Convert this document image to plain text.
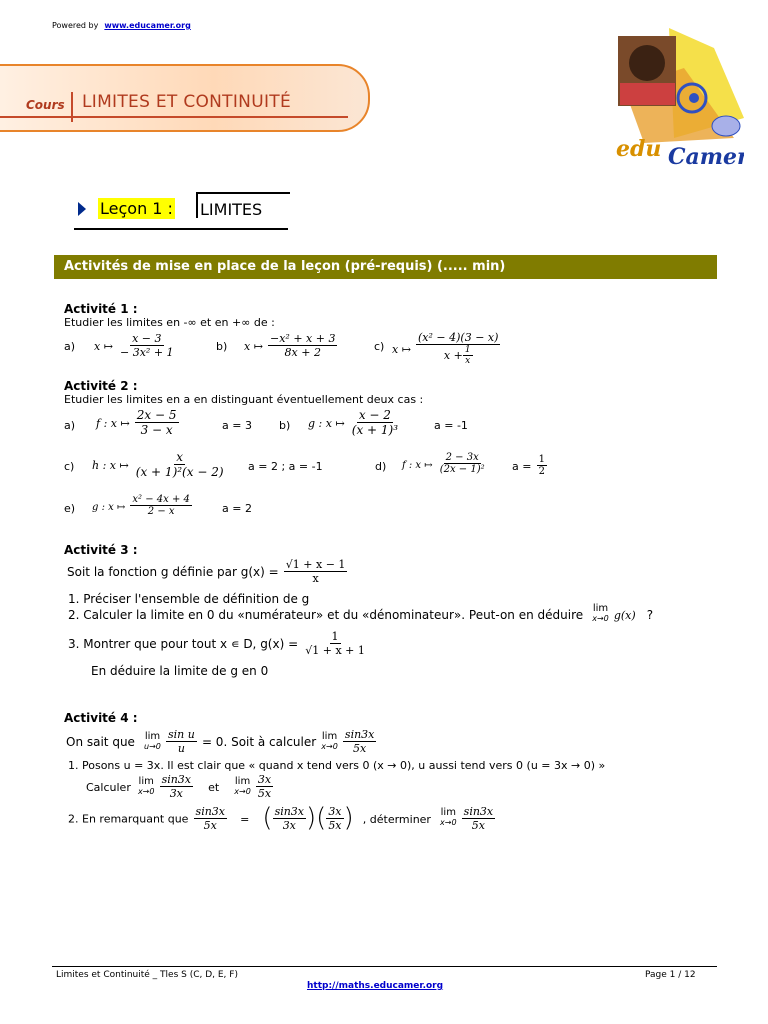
Powered by www.educamer.org
Cours LIMITES ET CONTINUITÉ
edu Camer
Leçon 1 : LIMITES
Activités de mise en place de la leçon (pré-requis) (..... min)
Activité 1 :
Etudier les limites en -∞ et en +∞ de :
a) x ↦ $\frac{x - 3}{\text{− 3x² + 1}}$	b) x ↦ $\frac{\text{−x² + x + 3}}{8x + 2}$	c) x ↦ $\frac{\text{(x² − 4)(3 − x)}}{x + \frac{1}{x}}$
Activité 2 :
Etudier les limites en a en distinguant éventuellement deux cas :
a) f : x ↦ $\frac{2x - 5}{3 - x}$	a = 3 b) g : x ↦ $\frac{x - 2}{\text{(x + 1)³}}$	a = -1
c) h : x ↦ $\frac{x}{\text{(x + 1)²(x − 2)}}$ a = 2 ; a = -1	d) f : x ↦ $\frac{2 - 3x}{\text{(2x − 1)²}}$ $a = \frac{1}{2}$
e) g : x ↦ $\frac{\text{x² − 4x + 4}}{2 - x}$	a = 2
Activité 3 :
Soit la fonction g définie par $g(x) = \frac{√1 + x - 1}{x}$
1. Préciser l'ensemble de définition de g
2. Calculer la limite en 0 du «numérateur» et du «dénominateur». Peut-on en déduire lim
x→0 g(x) ?
3. Montrer que pour tout x ∊ D, $g(x) = \frac{1}{√1 + x + 1}$
En déduire la limite de g en 0
Activité 4 :
On sait que lim
u→0
$\frac{\text{sin u}}{u} = 0$. Soit à calculer lim
x→0
$\frac{\sin 3x}{5x}$
1. Posons u = 3x. Il est clair que « quand x tend vers 0 (x → 0), u aussi tend vers 0 (u = 3x → 0) »
Calculer lim
x→0
$\frac{\sin 3x}{3x}$ et lim
x→0
$\frac{3x}{5x}$
2. En remarquant que $\frac{\sin 3x}{5x}$ = ( $\frac{\sin 3x}{3x}$ )( $\frac{3x}{5x}$ ) , déterminer lim
x→0
$\frac{\sin 3x}{5x}$
Limites et Continuité _ Tles S (C, D, E, F)	Page 1 / 12
http://maths.educamer.org
